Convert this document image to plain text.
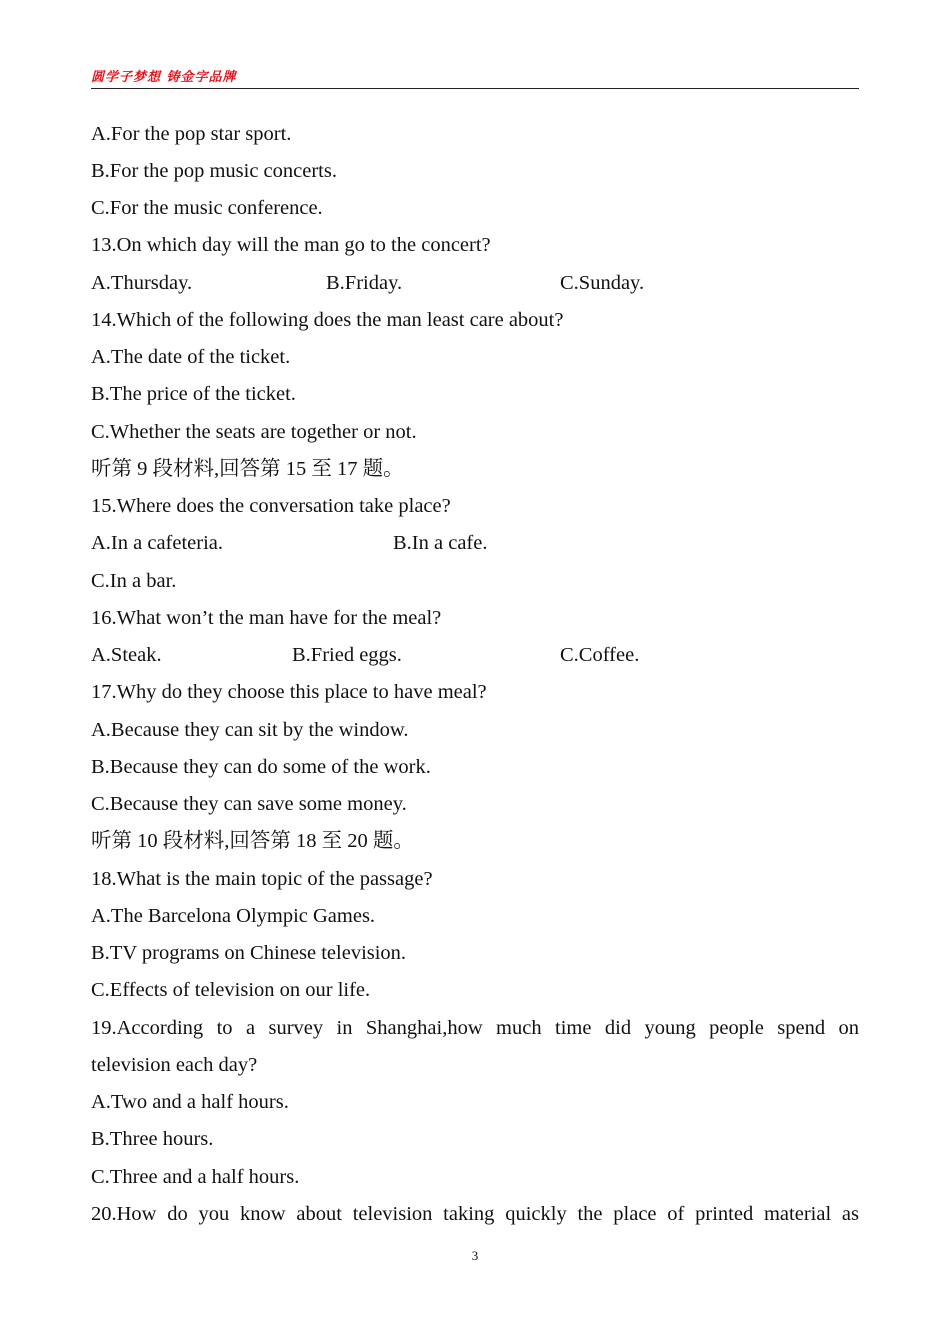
圆学子梦想 铸金字品牌
A.For the pop star sport.
B.For the pop music concerts.
C.For the music conference.
13.On which day will the man go to the concert?
A.Thursday.	B.Friday.	C.Sunday.
14.Which of the following does the man least care about?
A.The date of the ticket.
B.The price of the ticket.
C.Whether the seats are together or not.
听第 9 段材料,回答第 15 至 17 题。
15.Where does the conversation take place?
A.In a cafeteria.	B.In a cafe.
C.In a bar.
16.What won’t the man have for the meal?
A.Steak.	B.Fried eggs.	C.Coffee.
17.Why do they choose this place to have meal?
A.Because they can sit by the window.
B.Because they can do some of the work.
C.Because they can save some money.
听第 10 段材料,回答第 18 至 20 题。
18.What is the main topic of the passage?
A.The Barcelona Olympic Games.
B.TV programs on Chinese television.
C.Effects of television on our life.
19.According to a survey in Shanghai,how much time did young people spend on
television each day?
A.Two and a half hours.
B.Three hours.
C.Three and a half hours.
20.How do you know about television taking quickly the place of printed material as
3
